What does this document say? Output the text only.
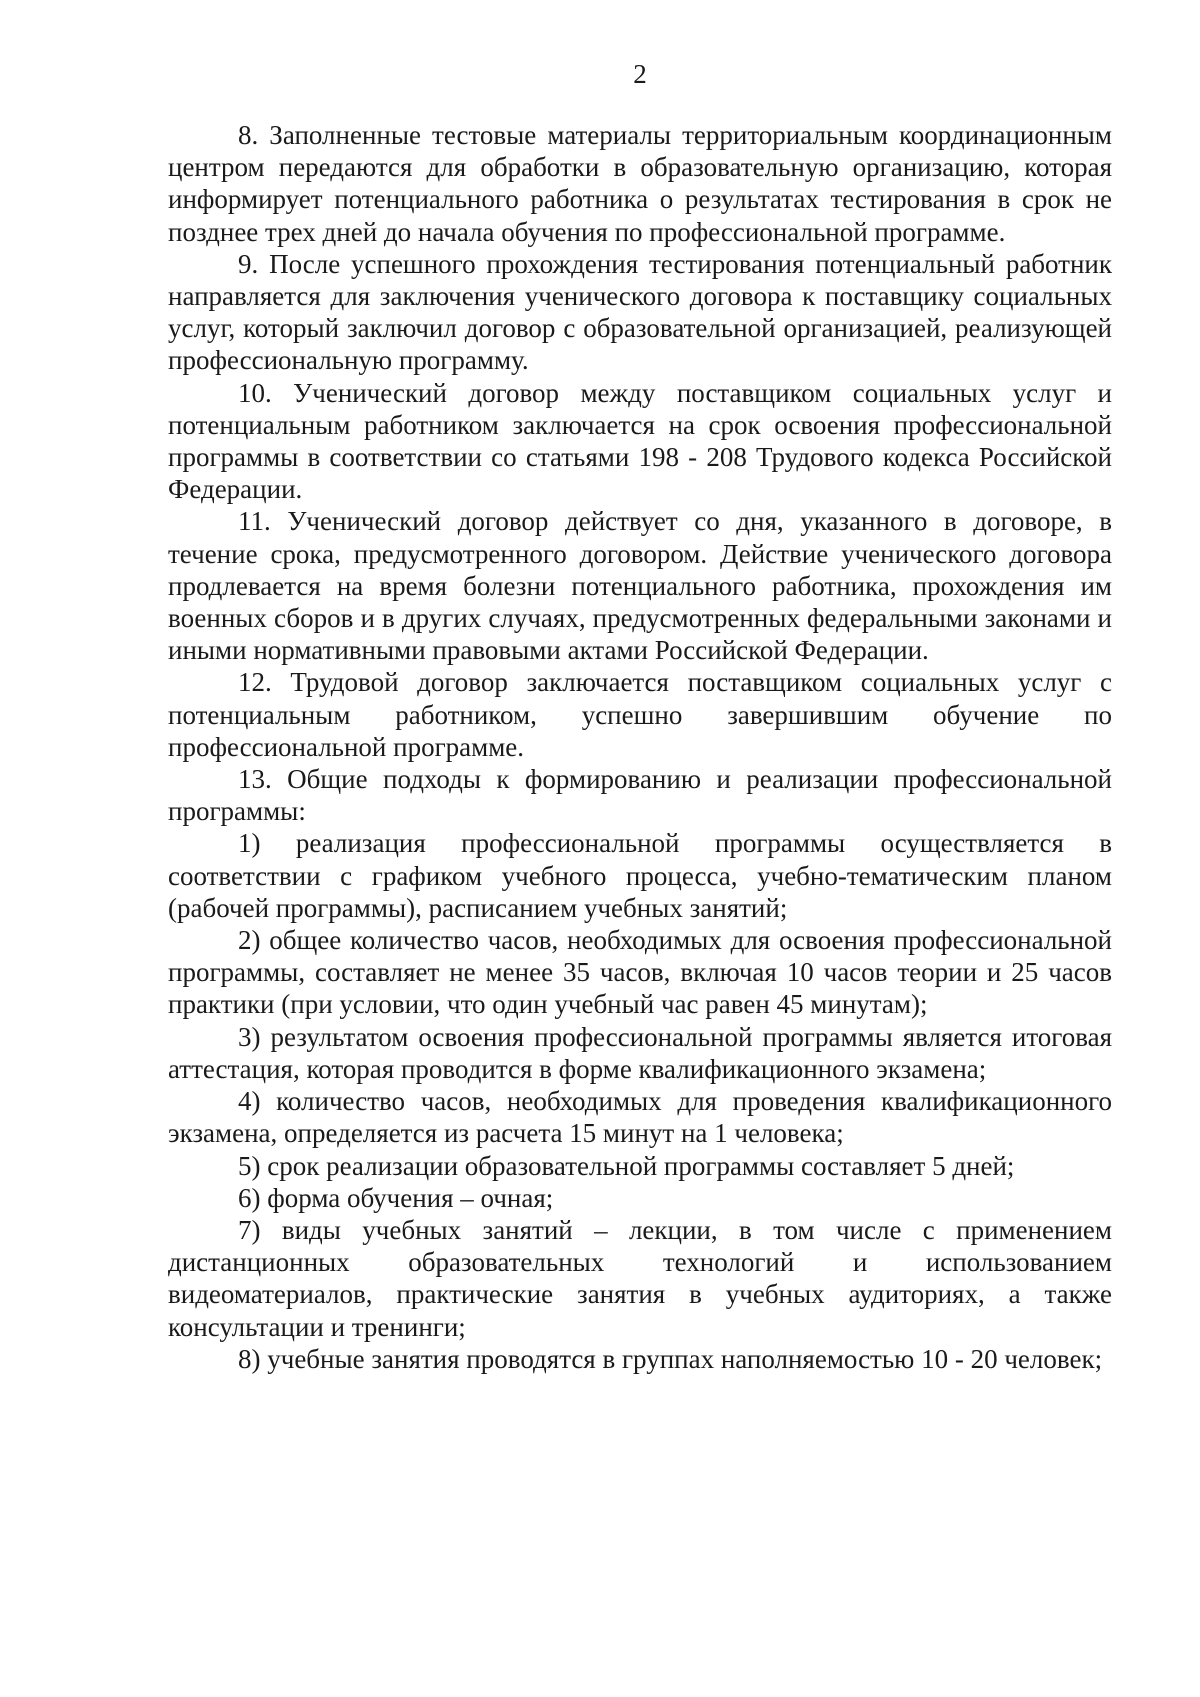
2

8. Заполненные тестовые материалы территориальным координационным центром передаются для обработки в образовательную организацию, которая информирует потенциального работника о результатах тестирования в срок не позднее трех дней до начала обучения по профессиональной программе.

9. После успешного прохождения тестирования потенциальный работник направляется для заключения ученического договора к поставщику социальных услуг, который заключил договор с образовательной организацией, реализующей профессиональную программу.

10. Ученический договор между поставщиком социальных услуг и потенциальным работником заключается на срок освоения профессиональной программы в соответствии со статьями 198 - 208 Трудового кодекса Российской Федерации.

11. Ученический договор действует со дня, указанного в договоре, в течение срока, предусмотренного договором. Действие ученического договора продлевается на время болезни потенциального работника, прохождения им военных сборов и в других случаях, предусмотренных федеральными законами и иными нормативными правовыми актами Российской Федерации.

12. Трудовой договор заключается поставщиком социальных услуг с потенциальным работником, успешно завершившим обучение по профессиональной программе.

13. Общие подходы к формированию и реализации профессиональной программы:

1) реализация профессиональной программы осуществляется в соответствии с графиком учебного процесса, учебно-тематическим планом (рабочей программы), расписанием учебных занятий;

2) общее количество часов, необходимых для освоения профессиональной программы, составляет не менее 35 часов, включая 10 часов теории и 25 часов практики (при условии, что один учебный час равен 45 минутам);

3) результатом освоения профессиональной программы является итоговая аттестация, которая проводится в форме квалификационного экзамена;

4) количество часов, необходимых для проведения квалификационного экзамена, определяется из расчета 15 минут на 1 человека;

5) срок реализации образовательной программы составляет 5 дней;

6) форма обучения – очная;

7) виды учебных занятий – лекции, в том числе с применением дистанционных образовательных технологий и использованием видеоматериалов, практические занятия в учебных аудиториях, а также консультации и тренинги;

8) учебные занятия проводятся в группах наполняемостью 10 - 20 человек;
